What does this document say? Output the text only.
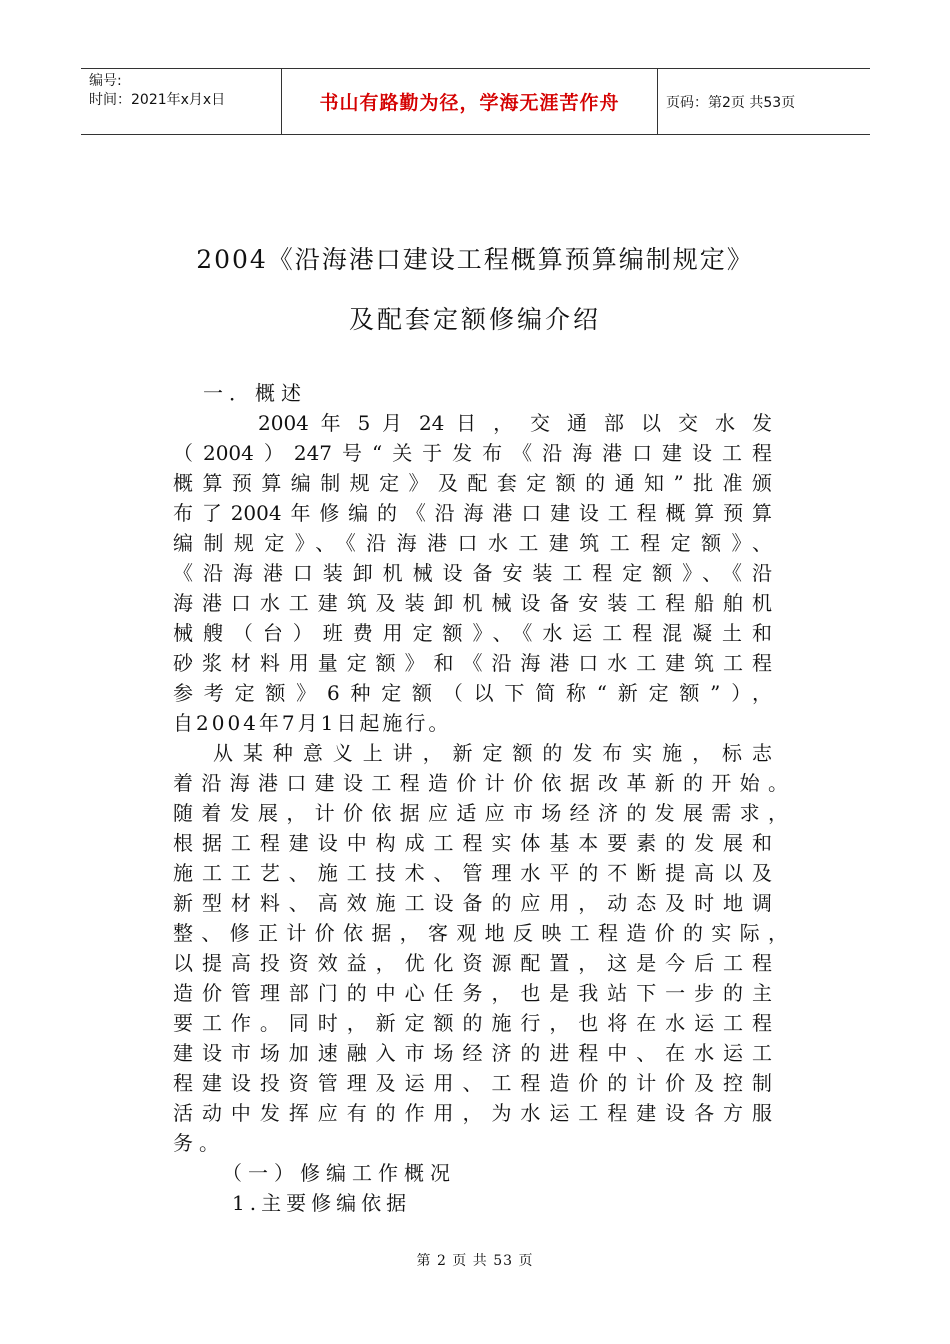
编号:
时间：2021年x月x日	书山有路勤为径，学海无涯苦作舟	页码：第2页 共53页
2004《沿海港口建设工程概算预算编制规定》
及配套定额修编介绍
一．概述
2004 年 5 月 24 日 ， 交 通 部 以 交 水 发
（2004）247号“关于发布《沿海港口建设工程
概算预算编制规定》及配套定额的通知”批准颁
布了2004年修编的《沿海港口建设工程概算预算
编制规定》、《沿海港口水工建筑工程定额》、
《沿海港口装卸机械设备安装工程定额》、《沿
海港口水工建筑及装卸机械设备安装工程船舶机
械艘（台）班费用定额》、《水运工程混凝土和
砂浆材料用量定额》和《沿海港口水工建筑工程
参考定额》6种定额（以下简称“新定额”），
自2004年7月1日起施行。
从某种意义上讲，新定额的发布实施，标志
着沿海港口建设工程造价计价依据改革新的开始。
随着发展，计价依据应适应市场经济的发展需求，
根据工程建设中构成工程实体基本要素的发展和
施工工艺、施工技术、管理水平的不断提高以及
新型材料、高效施工设备的应用，动态及时地调
整、修正计价依据，客观地反映工程造价的实际，
以提高投资效益，优化资源配置，这是今后工程
造价管理部门的中心任务，也是我站下一步的主
要工作。同时，新定额的施行，也将在水运工程
建设市场加速融入市场经济的进程中、在水运工
程建设投资管理及运用、工程造价的计价及控制
活动中发挥应有的作用，为水运工程建设各方服
务。
（一）修编工作概况
1.主要修编依据
第 2 页 共 53 页
